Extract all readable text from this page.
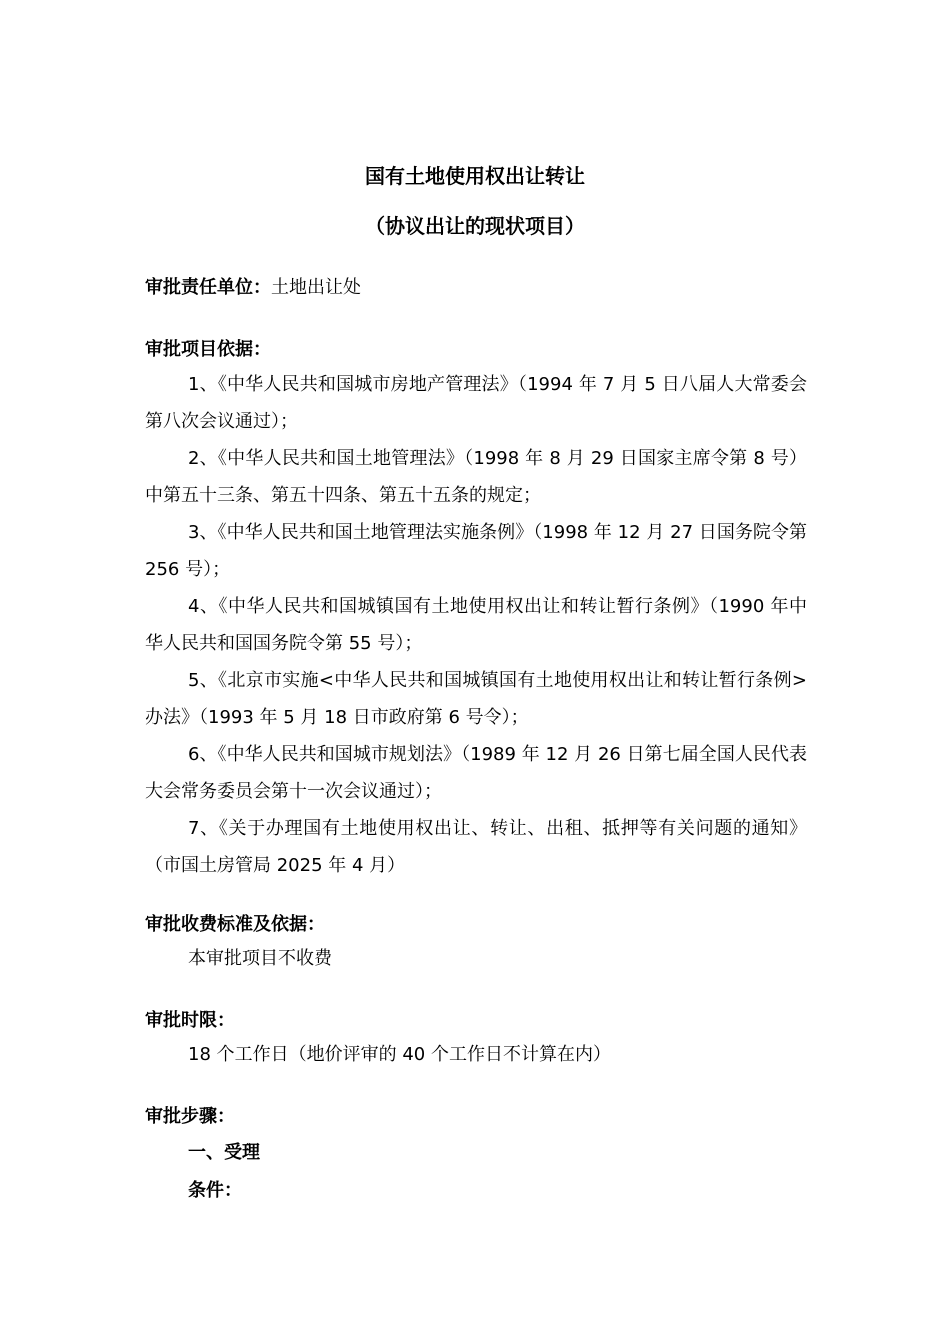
国有土地使用权出让转让
（协议出让的现状项目）
审批责任单位：土地出让处
审批项目依据：
1、《中华人民共和国城市房地产管理法》（1994 年 7 月 5 日八届人大常委会第八次会议通过）；
2、《中华人民共和国土地管理法》（1998 年 8 月 29 日国家主席令第 8 号）中第五十三条、第五十四条、第五十五条的规定；
3、《中华人民共和国土地管理法实施条例》（1998 年 12 月 27 日国务院令第 256 号）；
4、《中华人民共和国城镇国有土地使用权出让和转让暂行条例》（1990 年中华人民共和国国务院令第 55 号）；
5、《北京市实施<中华人民共和国城镇国有土地使用权出让和转让暂行条例>办法》（1993 年 5 月 18 日市政府第 6 号令）；
6、《中华人民共和国城市规划法》（1989 年 12 月 26 日第七届全国人民代表大会常务委员会第十一次会议通过）；
7、《关于办理国有土地使用权出让、转让、出租、抵押等有关问题的通知》（市国土房管局 2025 年 4 月）
审批收费标准及依据：
本审批项目不收费
审批时限：
18 个工作日（地价评审的 40 个工作日不计算在内）
审批步骤：
一、受理
条件：
